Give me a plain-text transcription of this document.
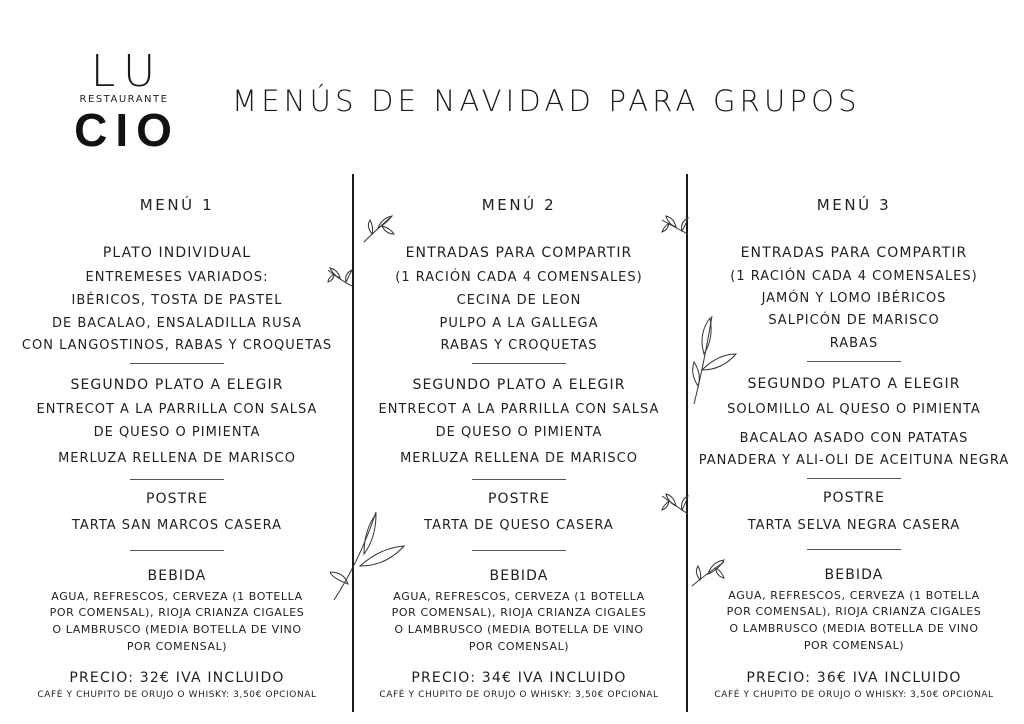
LU
RESTAURANTE
CIO
MENÚS DE NAVIDAD PARA GRUPOS
MENÚ 1
PLATO INDIVIDUAL
ENTREMESES VARIADOS:
IBÉRICOS, TOSTA DE PASTEL
DE BACALAO, ENSALADILLA RUSA
CON LANGOSTINOS, RABAS Y CROQUETAS
SEGUNDO PLATO A ELEGIR
ENTRECOT A LA PARRILLA CON SALSA
DE QUESO O PIMIENTA
MERLUZA RELLENA DE MARISCO
POSTRE
TARTA SAN MARCOS CASERA
BEBIDA
AGUA, REFRESCOS, CERVEZA (1 BOTELLA
POR COMENSAL), RIOJA CRIANZA CIGALES
O LAMBRUSCO (MEDIA BOTELLA DE VINO
POR COMENSAL)
PRECIO: 32€ IVA INCLUIDO
CAFÉ Y CHUPITO DE ORUJO O WHISKY: 3,50€ OPCIONAL
MENÚ 2
ENTRADAS PARA COMPARTIR
(1 RACIÓN CADA 4 COMENSALES)
CECINA DE LEON
PULPO A LA GALLEGA
RABAS Y CROQUETAS
SEGUNDO PLATO A ELEGIR
ENTRECOT A LA PARRILLA CON SALSA
DE QUESO O PIMIENTA
MERLUZA RELLENA DE MARISCO
POSTRE
TARTA DE QUESO CASERA
BEBIDA
AGUA, REFRESCOS, CERVEZA (1 BOTELLA
POR COMENSAL), RIOJA CRIANZA CIGALES
O LAMBRUSCO (MEDIA BOTELLA DE VINO
POR COMENSAL)
PRECIO: 34€ IVA INCLUIDO
CAFÉ Y CHUPITO DE ORUJO O WHISKY: 3,50€ OPCIONAL
MENÚ 3
ENTRADAS PARA COMPARTIR
(1 RACIÓN CADA 4 COMENSALES)
JAMÓN Y LOMO IBÉRICOS
SALPICÓN DE MARISCO
RABAS
SEGUNDO PLATO A ELEGIR
SOLOMILLO AL QUESO O PIMIENTA
BACALAO ASADO CON PATATAS
PANADERA Y ALI-OLI DE ACEITUNA NEGRA
POSTRE
TARTA SELVA NEGRA CASERA
BEBIDA
AGUA, REFRESCOS, CERVEZA (1 BOTELLA
POR COMENSAL), RIOJA CRIANZA CIGALES
O LAMBRUSCO (MEDIA BOTELLA DE VINO
POR COMENSAL)
PRECIO: 36€ IVA INCLUIDO
CAFÉ Y CHUPITO DE ORUJO O WHISKY: 3,50€ OPCIONAL
